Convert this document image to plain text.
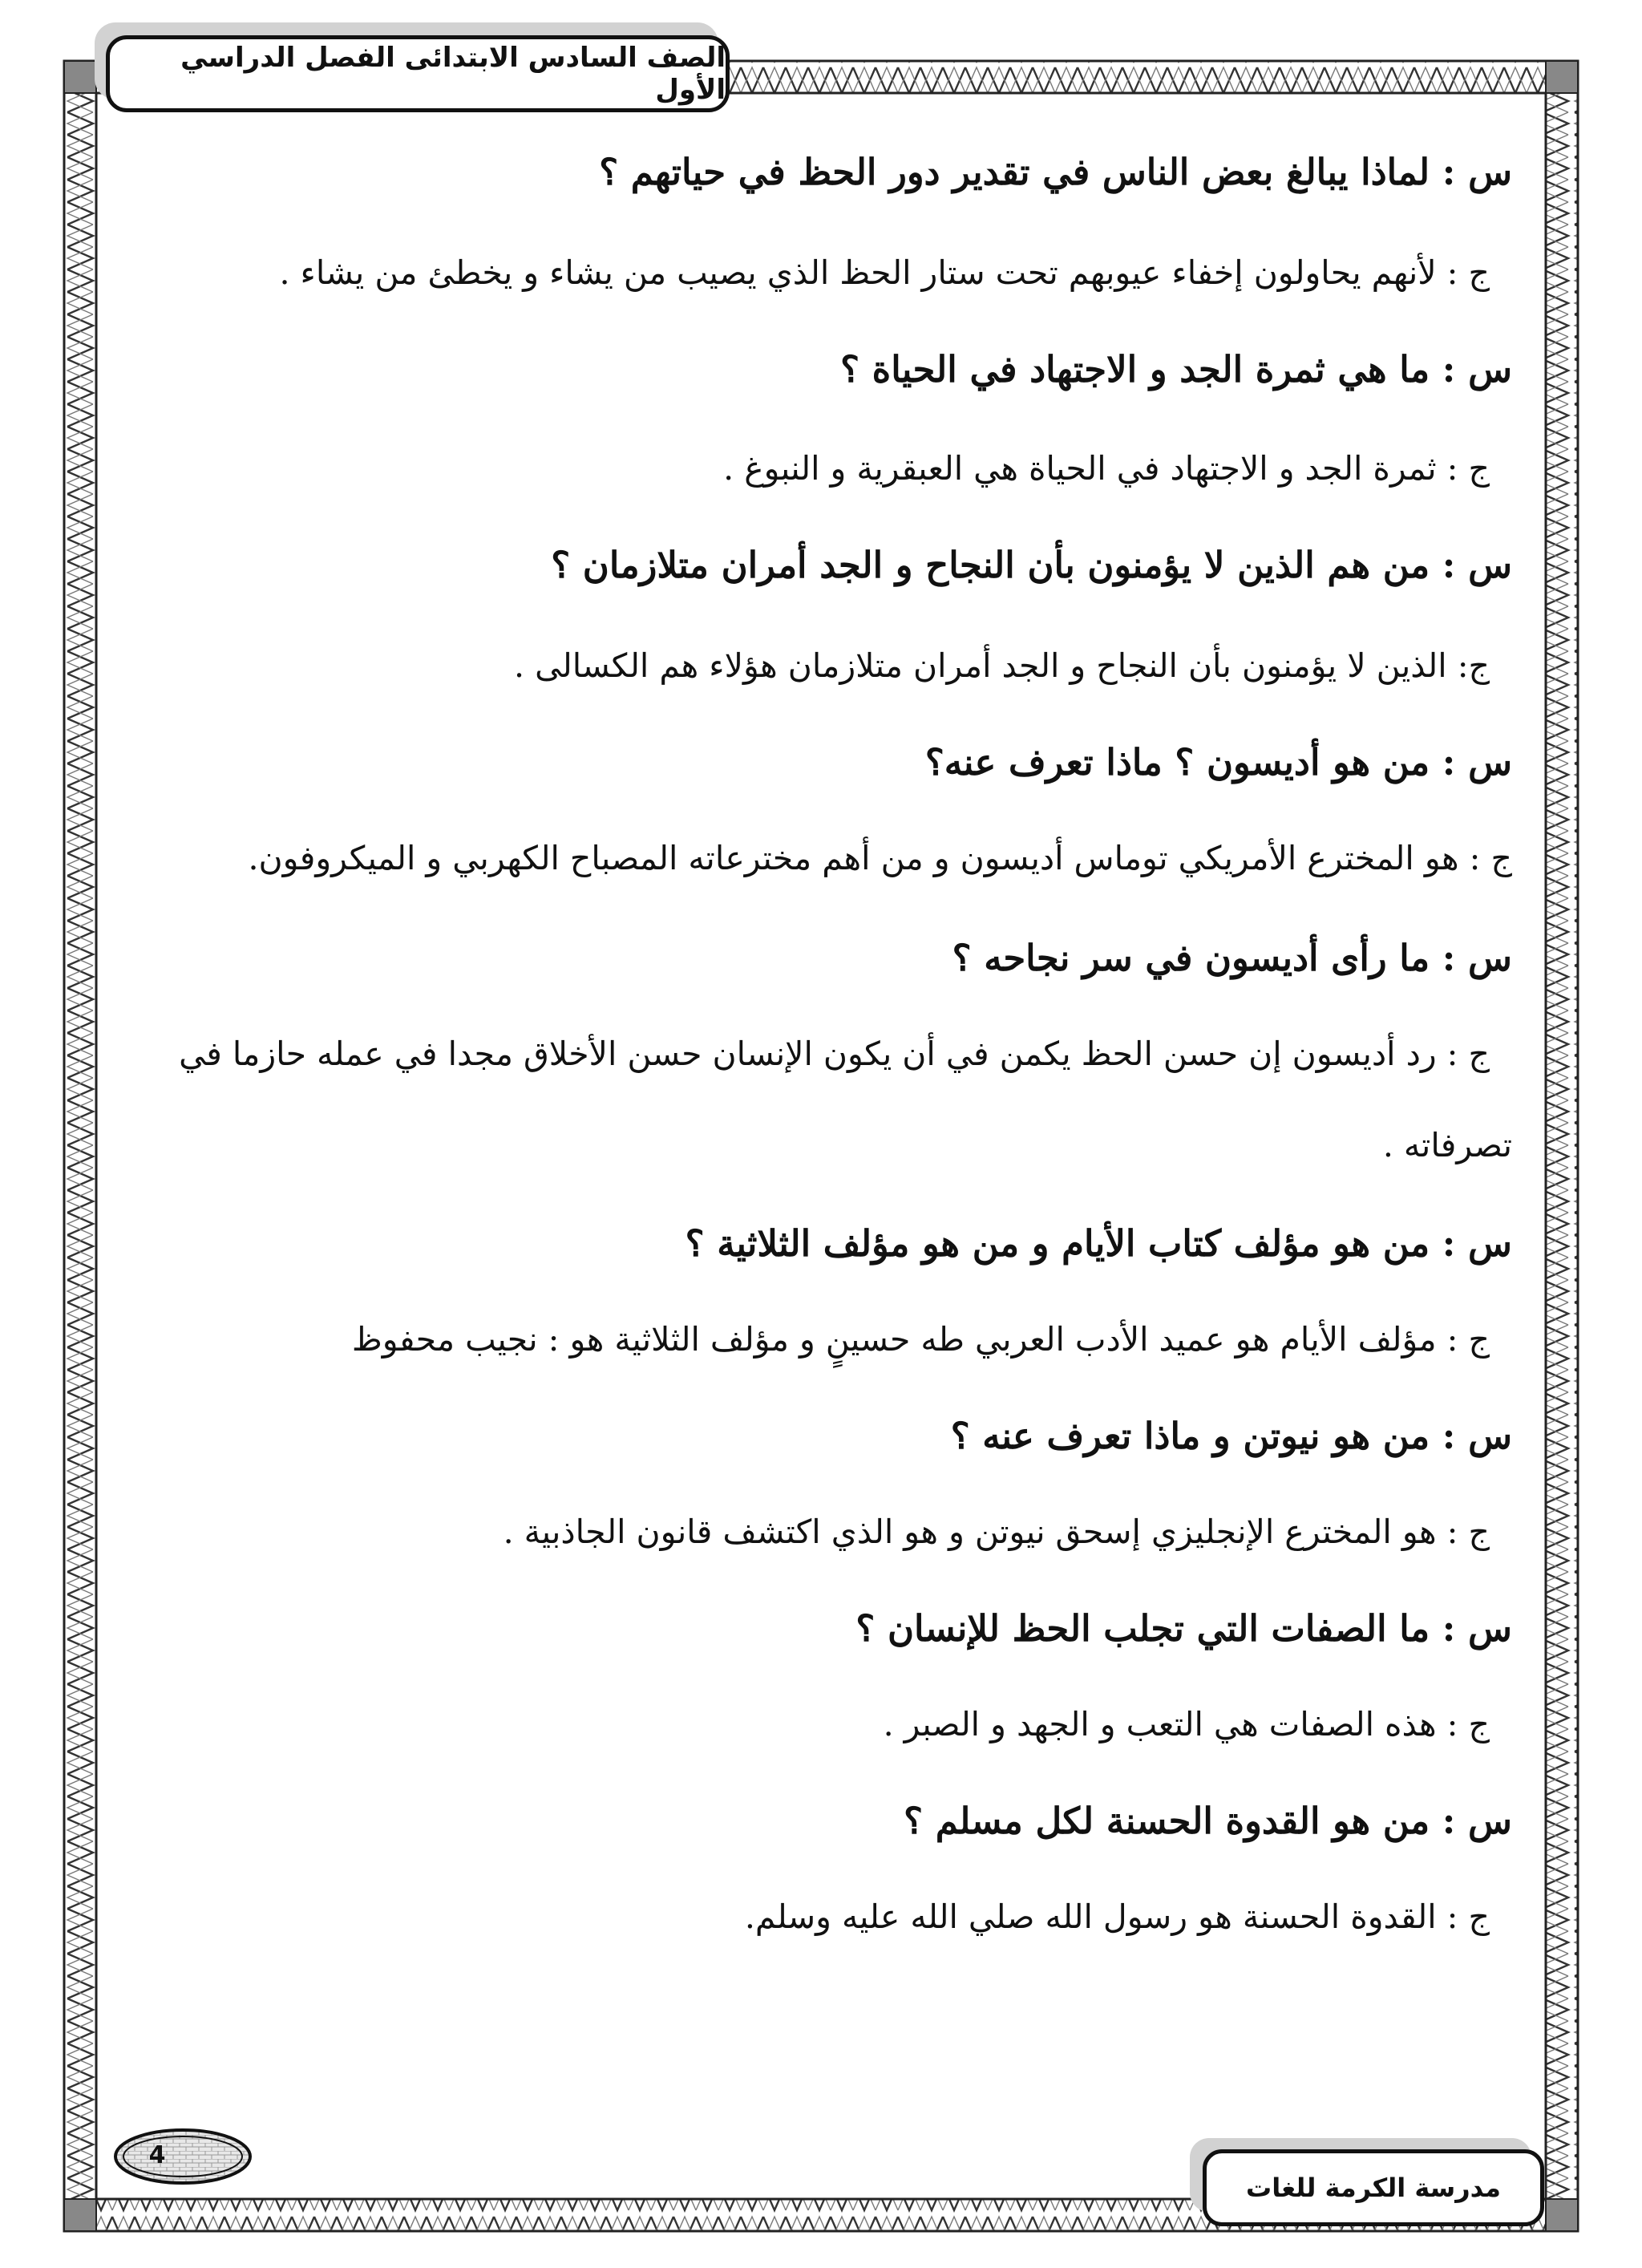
الصف السادس الابتدائى الفصل الدراسي الأول
س : لماذا يبالغ بعض الناس في تقدير دور الحظ في حياتهم ؟
ج : لأنهم يحاولون إخفاء عيوبهم تحت ستار الحظ الذي يصيب من يشاء و يخطئ من يشاء .
س : ما هي ثمرة الجد و الاجتهاد في الحياة ؟
ج : ثمرة الجد و الاجتهاد في الحياة هي العبقرية و النبوغ .
س : من هم الذين لا يؤمنون بأن النجاح و الجد أمران متلازمان ؟
ج: الذين لا يؤمنون بأن النجاح و الجد أمران متلازمان هؤلاء هم الكسالى .
س : من هو أديسون ؟ ماذا تعرف عنه؟
ج : هو المخترع الأمريكي توماس أديسون و من أهم مخترعاته المصباح الكهربي و الميكروفون.
س : ما رأى أديسون في سر نجاحه ؟
ج : رد أديسون إن حسن الحظ يكمن في أن يكون الإنسان حسن الأخلاق مجدا في عمله حازما في
تصرفاته .
س : من هو مؤلف كتاب الأيام و من هو مؤلف الثلاثية ؟
ج : مؤلف الأيام هو عميد الأدب العربي طه حسينٍ و مؤلف الثلاثية هو : نجيب محفوظ
س : من هو نيوتن و ماذا تعرف عنه ؟
ج : هو المخترع الإنجليزي إسحق نيوتن و هو الذي اكتشف قانون الجاذبية .
س : ما الصفات التي تجلب الحظ للإنسان ؟
ج : هذه الصفات هي التعب و الجهد و الصبر .
س : من هو القدوة الحسنة لكل مسلم ؟
ج : القدوة الحسنة هو رسول الله صلي الله عليه وسلم.
4
مدرسة الكرمة للغات
